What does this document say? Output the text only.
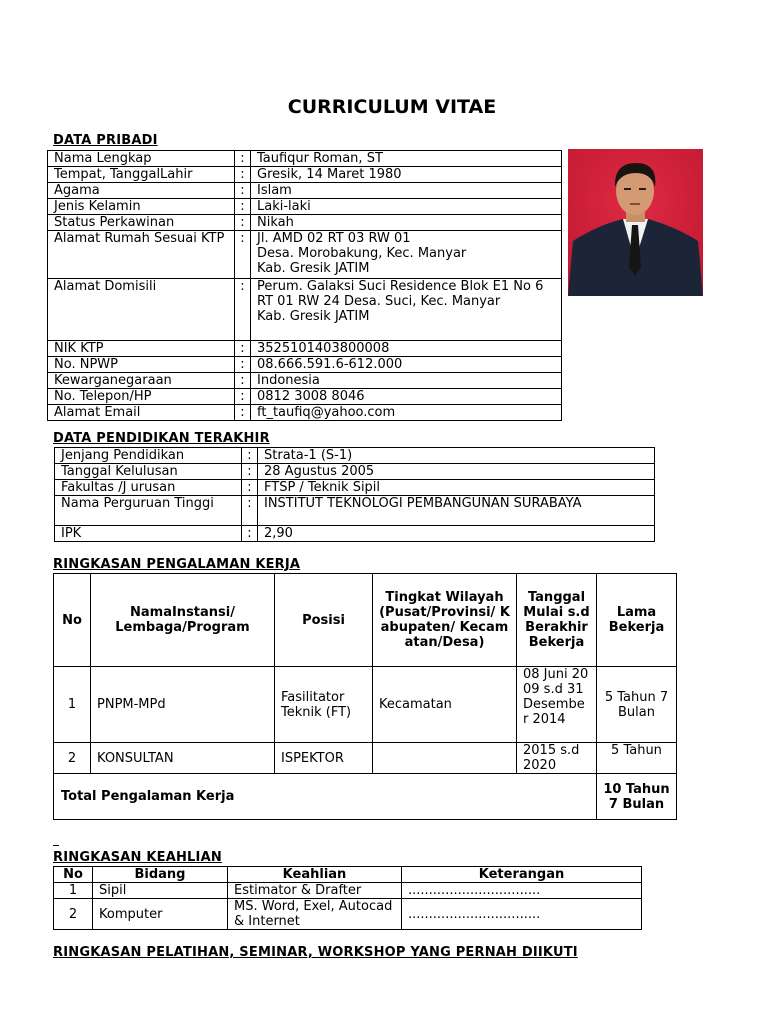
CURRICULUM VITAE
DATA PRIBADI
Nama Lengkap	:	Taufiqur Roman, ST
Tempat, TanggalLahir	:	Gresik, 14 Maret 1980
Agama	:	Islam
Jenis Kelamin	:	Laki-laki
Status Perkawinan	:	Nikah
Alamat Rumah Sesuai KTP	:	Jl. AMD 02 RT 03 RW 01
Desa. Morobakung, Kec. Manyar
Kab. Gresik JATIM
Alamat Domisili	:	Perum. Galaksi Suci Residence Blok E1 No 6 RT 01 RW 24 Desa. Suci, Kec. Manyar
Kab. Gresik JATIM
NIK KTP	:	3525101403800008
No. NPWP	:	08.666.591.6-612.000
Kewarganegaraan	:	Indonesia
No. Telepon/HP	:	0812 3008 8046
Alamat Email	:	ft_taufiq@yahoo.com
DATA PENDIDIKAN TERAKHIR
Jenjang Pendidikan	:	Strata-1 (S-1)
Tanggal Kelulusan	:	28 Agustus 2005
Fakultas /J urusan	:	FTSP / Teknik Sipil
Nama Perguruan Tinggi	:	INSTITUT TEKNOLOGI PEMBANGUNAN SURABAYA
IPK	:	2,90
RINGKASAN PENGALAMAN KERJA
No	NamaInstansi/ Lembaga/Program	Posisi	Tingkat Wilayah (Pusat/Provinsi/ Kabupaten/ Kecamatan/Desa)	TanggalMulai s.d BerakhirBekerja	Lama Bekerja
1	PNPM-MPd	Fasilitator Teknik (FT)	Kecamatan	08 Juni 2009 s.d 31 Desember 2014	5 Tahun 7 Bulan
2	KONSULTAN	ISPEKTOR		2015 s.d 2020	5 Tahun
Total Pengalaman Kerja					10 Tahun 7 Bulan
RINGKASAN KEAHLIAN
No	Bidang	Keahlian	Keterangan
1	Sipil	Estimator & Drafter	................................
2	Komputer	MS. Word, Exel, Autocad & Internet	................................
RINGKASAN PELATIHAN, SEMINAR, WORKSHOP YANG PERNAH DIIKUTI
